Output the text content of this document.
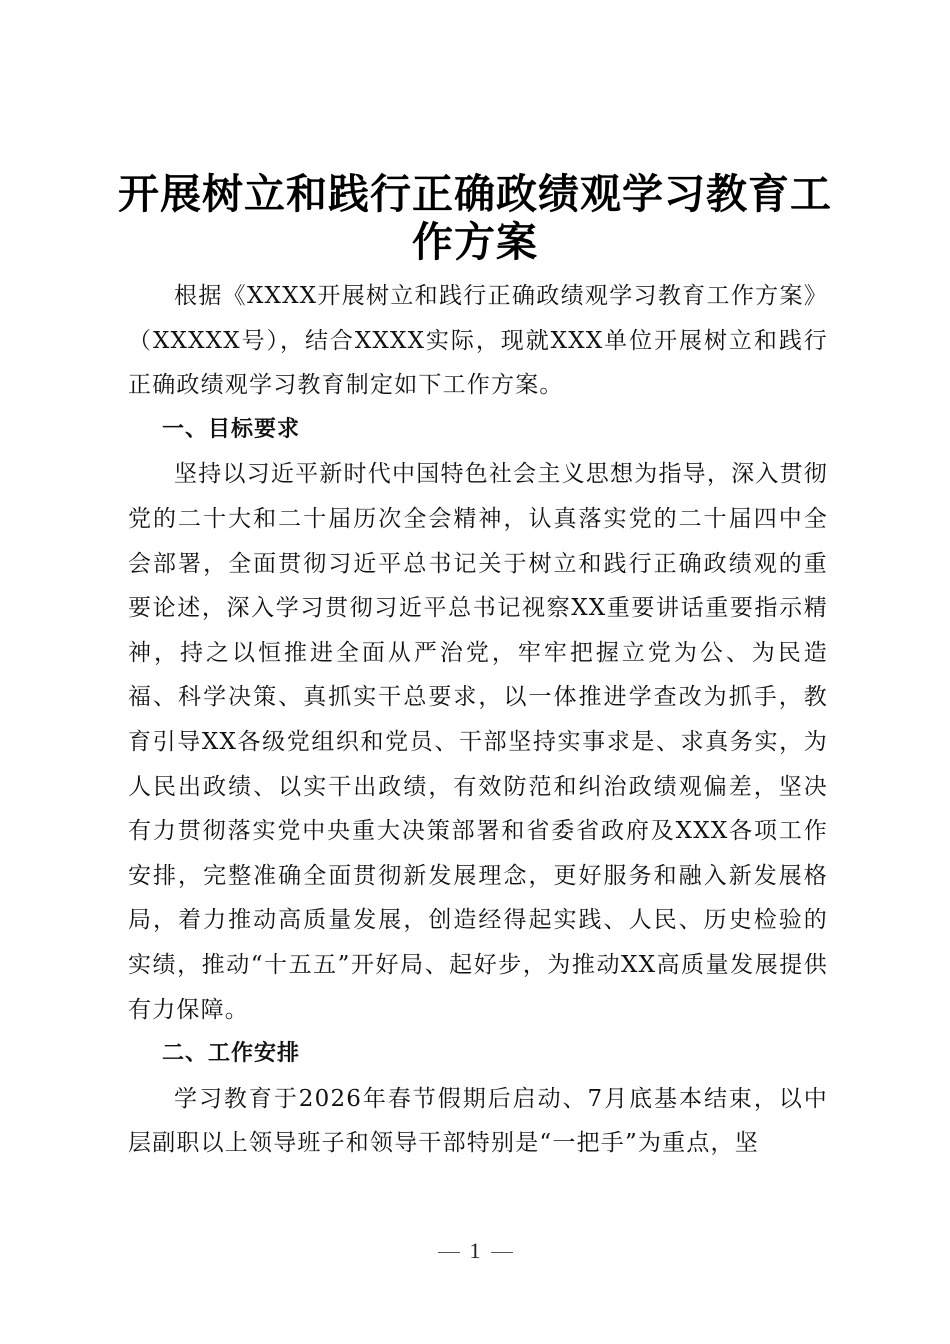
开展树立和践行正确政绩观学习教育工作方案

根据《XXXX开展树立和践行正确政绩观学习教育工作方案》（XXXXX号），结合XXXX实际，现就XXX单位开展树立和践行正确政绩观学习教育制定如下工作方案。

一、目标要求

坚持以习近平新时代中国特色社会主义思想为指导，深入贯彻党的二十大和二十届历次全会精神，认真落实党的二十届四中全会部署，全面贯彻习近平总书记关于树立和践行正确政绩观的重要论述，深入学习贯彻习近平总书记视察XX重要讲话重要指示精神，持之以恒推进全面从严治党，牢牢把握立党为公、为民造福、科学决策、真抓实干总要求，以一体推进学查改为抓手，教育引导XX各级党组织和党员、干部坚持实事求是、求真务实，为人民出政绩、以实干出政绩，有效防范和纠治政绩观偏差，坚决有力贯彻落实党中央重大决策部署和省委省政府及XXX各项工作安排，完整准确全面贯彻新发展理念，更好服务和融入新发展格局，着力推动高质量发展，创造经得起实践、人民、历史检验的实绩，推动“十五五”开好局、起好步，为推动XX高质量发展提供有力保障。

二、工作安排

学习教育于2026年春节假期后启动、7月底基本结束，以中层副职以上领导班子和领导干部特别是“一把手”为重点，坚

1
